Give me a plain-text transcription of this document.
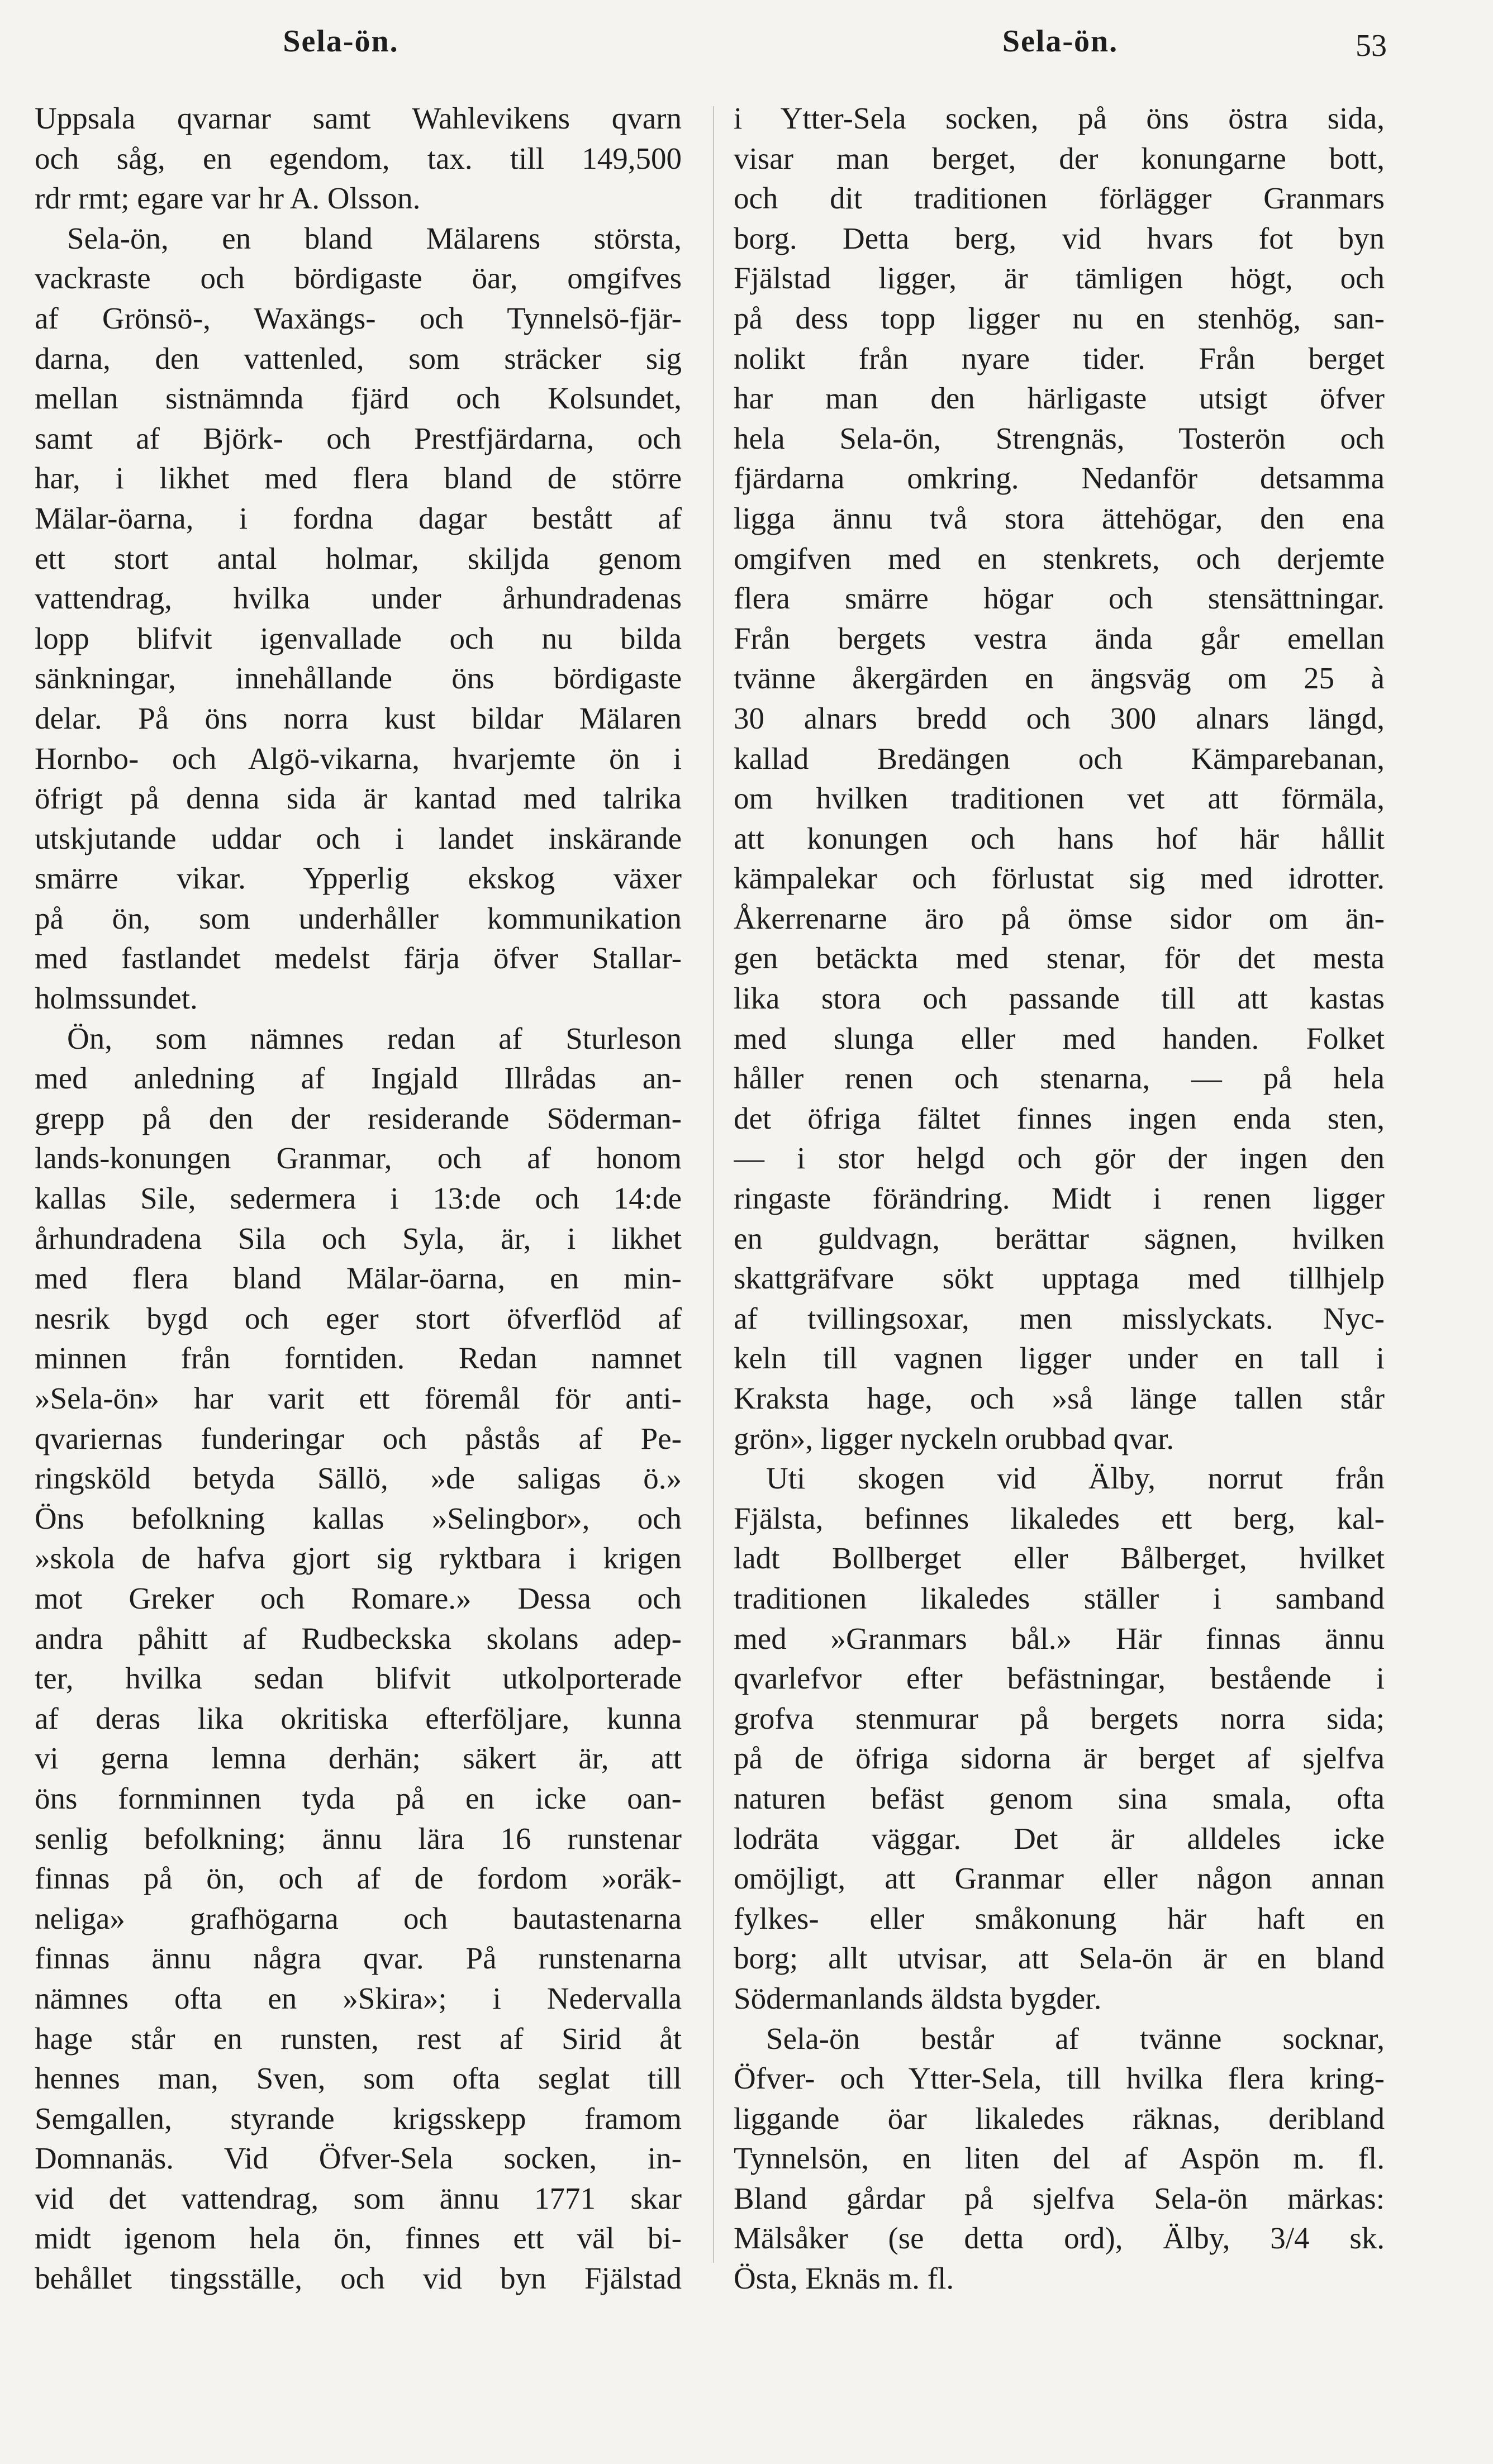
Sela-ön.	Sela-ön.	53
Uppsala qvarnar samt Wahlevikens qvarn
och såg, en egendom, tax. till 149,500
rdr rmt; egare var hr A. Olsson.
Sela-ön, en bland Mälarens största,
vackraste och bördigaste öar, omgifves
af Grönsö-, Waxängs- och Tynnelsö-fjär-
darna, den vattenled, som sträcker sig
mellan sistnämnda fjärd och Kolsundet,
samt af Björk- och Prestfjärdarna, och
har, i likhet med flera bland de större
Mälar-öarna, i fordna dagar bestått af
ett stort antal holmar, skiljda genom
vattendrag, hvilka under århundradenas
lopp blifvit igenvallade och nu bilda
sänkningar, innehållande öns bördigaste
delar. På öns norra kust bildar Mälaren
Hornbo- och Algö-vikarna, hvarjemte ön i
öfrigt på denna sida är kantad med talrika
utskjutande uddar och i landet inskärande
smärre vikar. Ypperlig ekskog växer
på ön, som underhåller kommunikation
med fastlandet medelst färja öfver Stallar-
holmssundet.
Ön, som nämnes redan af Sturleson
med anledning af Ingjald Illrådas an-
grepp på den der residerande Söderman-
lands-konungen Granmar, och af honom
kallas Sile, sedermera i 13:de och 14:de
århundradena Sila och Syla, är, i likhet
med flera bland Mälar-öarna, en min-
nesrik bygd och eger stort öfverflöd af
minnen från forntiden. Redan namnet
»Sela-ön» har varit ett föremål för anti-
qvariernas funderingar och påstås af Pe-
ringsköld betyda Sällö, »de saligas ö.»
Öns befolkning kallas »Selingbor», och
»skola de hafva gjort sig ryktbara i krigen
mot Greker och Romare.» Dessa och
andra påhitt af Rudbeckska skolans adep-
ter, hvilka sedan blifvit utkolporterade
af deras lika okritiska efterföljare, kunna
vi gerna lemna derhän; säkert är, att
öns fornminnen tyda på en icke oan-
senlig befolkning; ännu lära 16 runstenar
finnas på ön, och af de fordom »oräk-
neliga» grafhögarna och bautastenarna
finnas ännu några qvar. På runstenarna
nämnes ofta en »Skira»; i Nedervalla
hage står en runsten, rest af Sirid åt
hennes man, Sven, som ofta seglat till
Semgallen, styrande krigsskepp framom
Domnanäs. Vid Öfver-Sela socken, in-
vid det vattendrag, som ännu 1771 skar
midt igenom hela ön, finnes ett väl bi-
behållet tingsställe, och vid byn Fjälstad
i Ytter-Sela socken, på öns östra sida,
visar man berget, der konungarne bott,
och dit traditionen förlägger Granmars
borg. Detta berg, vid hvars fot byn
Fjälstad ligger, är tämligen högt, och
på dess topp ligger nu en stenhög, san-
nolikt från nyare tider. Från berget
har man den härligaste utsigt öfver
hela Sela-ön, Strengnäs, Tosterön och
fjärdarna omkring. Nedanför detsamma
ligga ännu två stora ättehögar, den ena
omgifven med en stenkrets, och derjemte
flera smärre högar och stensättningar.
Från bergets vestra ända går emellan
tvänne åkergärden en ängsväg om 25 à
30 alnars bredd och 300 alnars längd,
kallad Bredängen och Kämparebanan,
om hvilken traditionen vet att förmäla,
att konungen och hans hof här hållit
kämpalekar och förlustat sig med idrotter.
Åkerrenarne äro på ömse sidor om än-
gen betäckta med stenar, för det mesta
lika stora och passande till att kastas
med slunga eller med handen. Folket
håller renen och stenarna, — på hela
det öfriga fältet finnes ingen enda sten,
— i stor helgd och gör der ingen den
ringaste förändring. Midt i renen ligger
en guldvagn, berättar sägnen, hvilken
skattgräfvare sökt upptaga med tillhjelp
af tvillingsoxar, men misslyckats. Nyc-
keln till vagnen ligger under en tall i
Kraksta hage, och »så länge tallen står
grön», ligger nyckeln orubbad qvar.
Uti skogen vid Älby, norrut från
Fjälsta, befinnes likaledes ett berg, kal-
ladt Bollberget eller Bålberget, hvilket
traditionen likaledes ställer i samband
med »Granmars bål.» Här finnas ännu
qvarlefvor efter befästningar, bestående i
grofva stenmurar på bergets norra sida;
på de öfriga sidorna är berget af sjelfva
naturen befäst genom sina smala, ofta
lodräta väggar. Det är alldeles icke
omöjligt, att Granmar eller någon annan
fylkes- eller småkonung här haft en
borg; allt utvisar, att Sela-ön är en bland
Södermanlands äldsta bygder.
Sela-ön består af tvänne socknar,
Öfver- och Ytter-Sela, till hvilka flera kring-
liggande öar likaledes räknas, deribland
Tynnelsön, en liten del af Aspön m. fl.
Bland gårdar på sjelfva Sela-ön märkas:
Mälsåker (se detta ord), Älby, 3/4 sk.
Östa, Eknäs m. fl.
